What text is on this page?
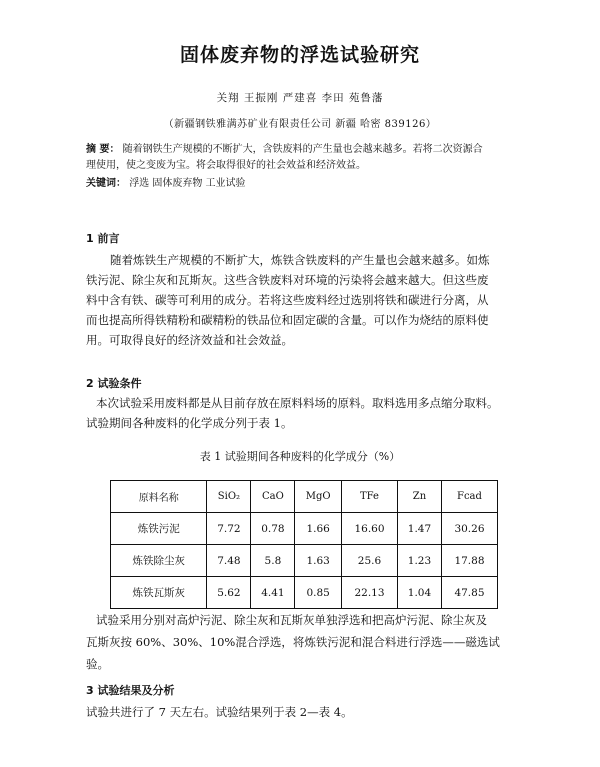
固体废弃物的浮选试验研究
关翔 王振刚 严建喜 李田 苑鲁藩
（新疆钢铁雅满苏矿业有限责任公司 新疆 哈密 839126）
摘 要： 随着钢铁生产规模的不断扩大，含铁废料的产生量也会越来越多。若将二次资源合
理使用，使之变废为宝。将会取得很好的社会效益和经济效益。
关键词： 浮选 固体废弃物 工业试验
1 前言
随着炼铁生产规模的不断扩大，炼铁含铁废料的产生量也会越来越多。如炼
铁污泥、除尘灰和瓦斯灰。这些含铁废料对环境的污染将会越来越大。但这些废
料中含有铁、碳等可利用的成分。若将这些废料经过选别将铁和碳进行分离，从
而也提高所得铁精粉和碳精粉的铁品位和固定碳的含量。可以作为烧结的原料使
用。可取得良好的经济效益和社会效益。
2 试验条件
本次试验采用废料都是从目前存放在原料料场的原料。取料选用多点缩分取料。
试验期间各种废料的化学成分列于表 1。
表 1 试验期间各种废料的化学成分（%）
原料名称	SiO₂	CaO	MgO	TFe	Zn	Fcad
炼铁污泥	7.72	0.78	1.66	16.60	1.47	30.26
炼铁除尘灰	7.48	5.8	1.63	25.6	1.23	17.88
炼铁瓦斯灰	5.62	4.41	0.85	22.13	1.04	47.85
试验采用分别对高炉污泥、除尘灰和瓦斯灰单独浮选和把高炉污泥、除尘灰及
瓦斯灰按 60%、30%、10%混合浮选，将炼铁污泥和混合料进行浮选——磁选试
验。
3 试验结果及分析
试验共进行了 7 天左右。试验结果列于表 2—表 4。
